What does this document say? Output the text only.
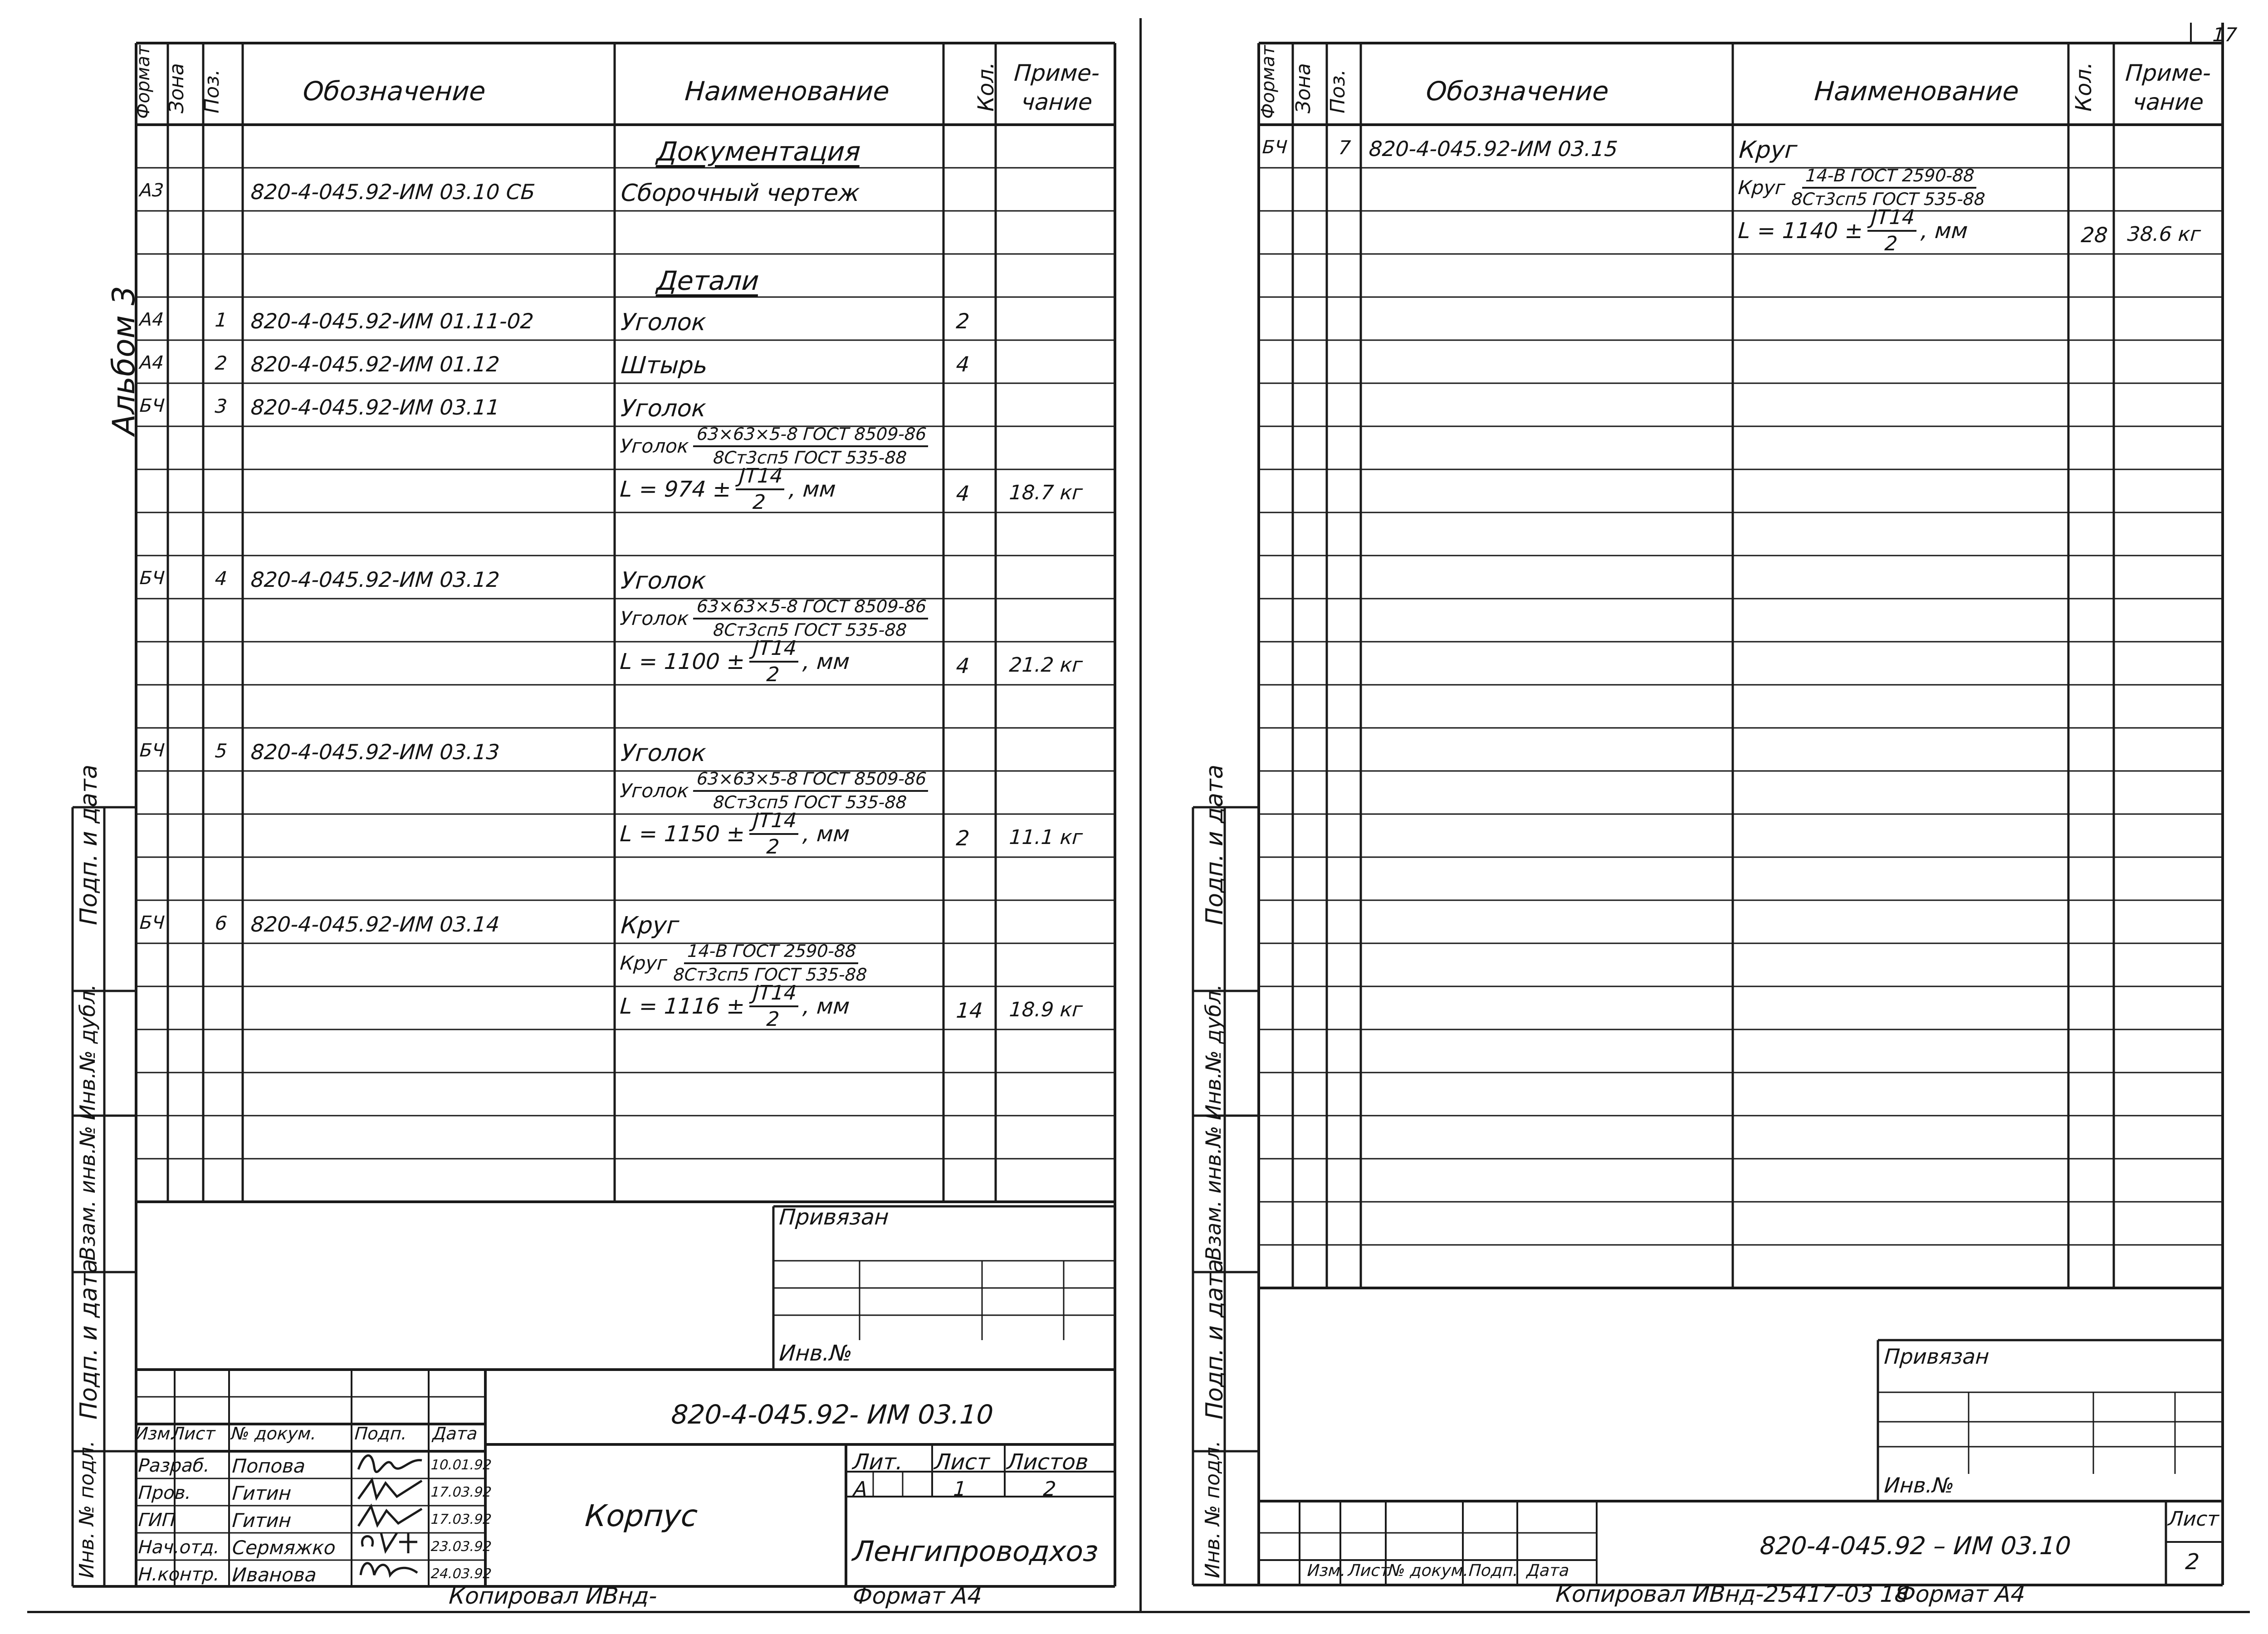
Альбом 3
Формат Зона Поз.	Обозначение	Наименование	Кол. Приме-
чание
Документация
А3	820-4-045.92-ИМ 03.10 СБ	Сборочный чертеж
Детали
А4	1 820-4-045.92-ИМ 01.11-02	Уголок	2
А4	2 820-4-045.92-ИМ 01.12	Штырь	4
БЧ	3 820-4-045.92-ИМ 03.11	Уголок
Уголок
63×63×5-8 ГОСТ 8509-86
8Ст3сп5 ГОСТ 535-88
$L = 974 \pm \frac{JT14}{2}$ , мм	4 18.7 кг
БЧ	4 820-4-045.92-ИМ 03.12	Уголок
Уголок
63×63×5-8 ГОСТ 8509-86
8Ст3сп5 ГОСТ 535-88
$L = 1100 \pm \frac{JT14}{2}$ , мм	4 21.2 кг
БЧ	5 820-4-045.92-ИМ 03.13	Уголок
Уголок
63×63×5-8 ГОСТ 8509-86
8Ст3сп5 ГОСТ 535-88
$L = 1150 \pm \frac{JT14}{2}$ , мм	2 11.1 кг
БЧ	6 820-4-045.92-ИМ 03.14	Круг
Круг
14-В ГОСТ 2590-88
8Ст3сп5 ГОСТ 535-88
$L = 1116 \pm \frac{JT14}{2}$ , мм	14 18.9 кг
Подп. и дата
Инв.№ дубл.
Взам. инв.№
Подп. и дата
Инв. № подл.
Привязан
Инв.№
820-4-045.92- ИМ 03.10
Изм.
Лист № докум. Подп. Дата
Разраб. Попова	10.01.92
Пров. Гитин	17.03.92
ГИП	Гитин	17.03.92
Нач.отд. Сермяжко	23.03.92
Н.контр. Иванова	24.03.92
Корпус
Лит. Лист Листов
А	1	2
Ленгипроводхоз
Копировал ИВнд-	Формат А4
17
Формат Зона Поз.	Обозначение	Наименование Кол.	Приме-
чание
БЧ	7 820-4-045.92-ИМ 03.15	Круг
Круг
14-В ГОСТ 2590-88
8Ст3сп5 ГОСТ 535-88
$L = 1140 \pm \frac{JT14}{2}$ , мм	28 38.6 кг
Подп. и дата
Инв.№ дубл.
Взам. инв.№
Подп. и дата
Инв. № подл.
Привязан
Инв.№
Изм. Лист
№ докум.
Подп. Дата
820-4-045.92 – ИМ 03.10
Лист
2
Копировал ИВнд-25417-03 18
Формат А4
